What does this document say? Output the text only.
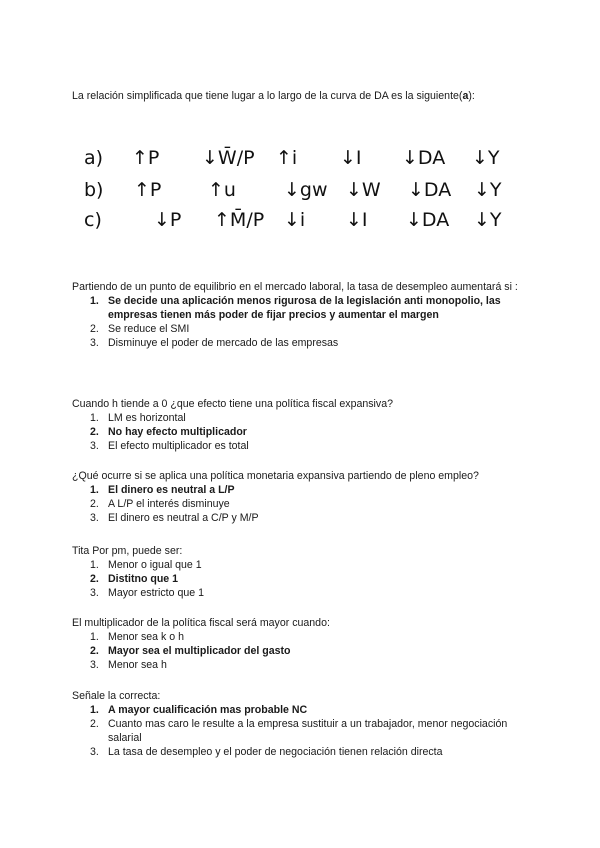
La relación simplificada que tiene lugar a lo largo de la curva de DA es la siguiente(a):

a) ↑P ↓W̄/P ↑i ↓I ↓DA ↓Y
b) ↑P ↑u	↓gw ↓W ↓DA ↓Y
c)	↓P ↑M̄/P ↓i ↓I ↓DA ↓Y

Partiendo de un punto de equilibrio en el mercado laboral, la tasa de desempleo aumentará si :

1. Se decide una aplicación menos rigurosa de la legislación anti monopolio, las empresas tienen más poder de fijar precios y aumentar el margen
2. Se reduce el SMI
3. Disminuye el poder de mercado de las empresas

Cuando h tiende a 0 ¿que efecto tiene una política fiscal expansiva?

1. LM es horizontal
2. No hay efecto multiplicador
3. El efecto multiplicador es total

¿Qué ocurre si se aplica una política monetaria expansiva partiendo de pleno empleo?

1. El dinero es neutral a L/P
2. A L/P el interés disminuye
3. El dinero es neutral a C/P y M/P

Tita Por pm, puede ser:

1. Menor o igual que 1
2. Distitno que 1
3. Mayor estricto que 1

El multiplicador de la política fiscal será mayor cuando:

1. Menor sea k o h
2. Mayor sea el multiplicador del gasto
3. Menor sea h

Señale la correcta:

1. A mayor cualificación mas probable NC
2. Cuanto mas caro le resulte a la empresa sustituir a un trabajador, menor negociación salarial
3. La tasa de desempleo y el poder de negociación tienen relación directa
